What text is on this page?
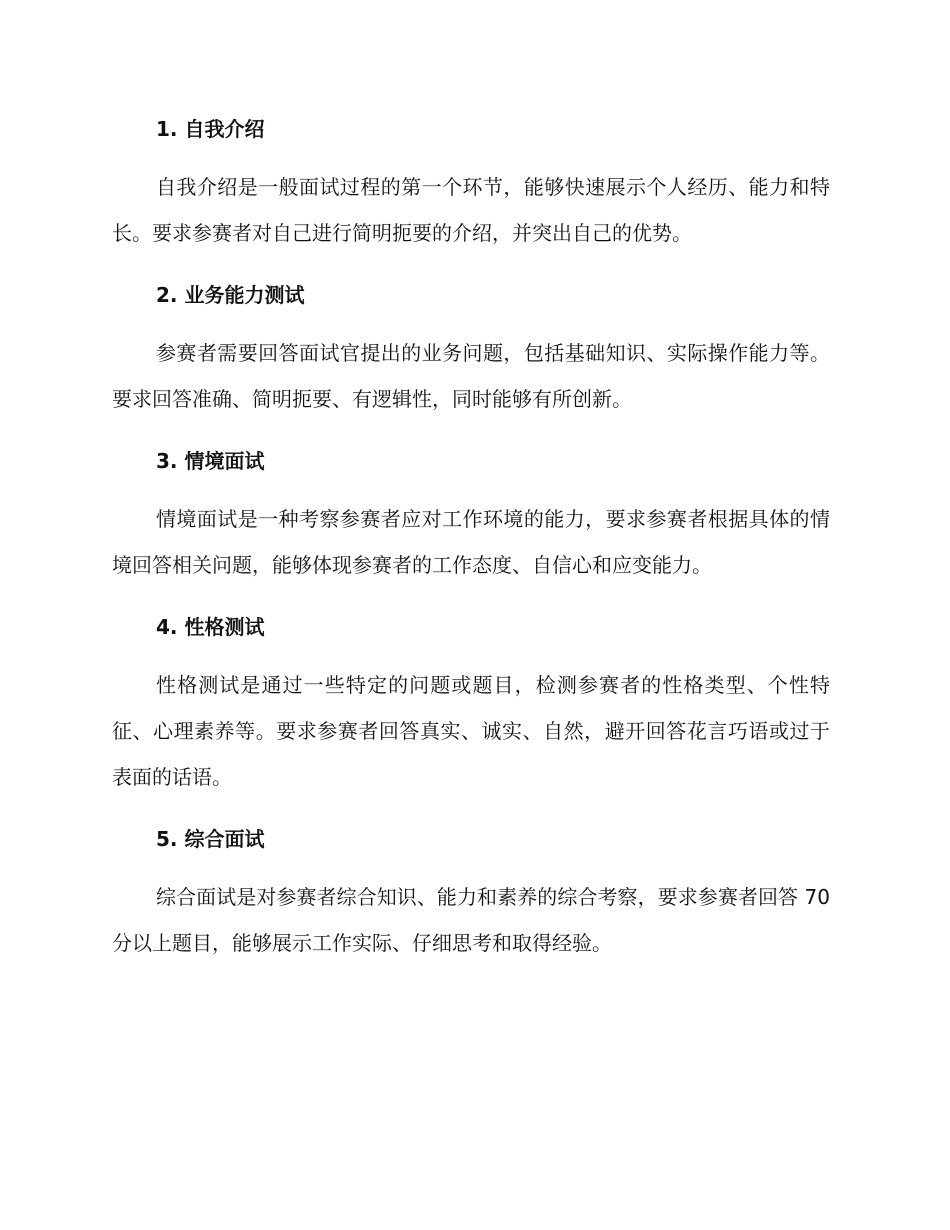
1. 自我介绍

自我介绍是一般面试过程的第一个环节，能够快速展示个人经历、能力和特长。要求参赛者对自己进行简明扼要的介绍，并突出自己的优势。

2. 业务能力测试

参赛者需要回答面试官提出的业务问题，包括基础知识、实际操作能力等。要求回答准确、简明扼要、有逻辑性，同时能够有所创新。

3. 情境面试

情境面试是一种考察参赛者应对工作环境的能力，要求参赛者根据具体的情境回答相关问题，能够体现参赛者的工作态度、自信心和应变能力。

4. 性格测试

性格测试是通过一些特定的问题或题目，检测参赛者的性格类型、个性特征、心理素养等。要求参赛者回答真实、诚实、自然，避开回答花言巧语或过于表面的话语。

5. 综合面试

综合面试是对参赛者综合知识、能力和素养的综合考察，要求参赛者回答 70 分以上题目，能够展示工作实际、仔细思考和取得经验。
